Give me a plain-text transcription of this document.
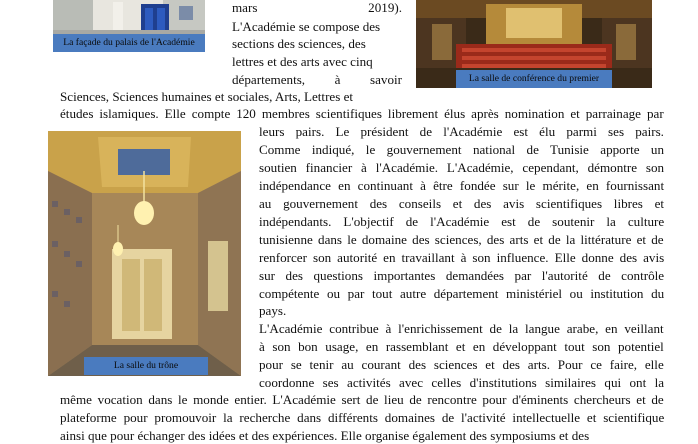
La façade du palais de l'Académie
La salle de conférence du premier
La salle du trône
mars	2019).
L'Académie se compose des
sections des sciences, des
lettres et des arts avec cinq
départements, à savoir
Sciences, Sciences humaines et sociales, Arts, Lettres et
études islamiques. Elle compte 120 membres scientifiques librement élus après nomination et parrainage par
leurs pairs. Le président de l'Académie est élu parmi ses pairs.
Comme indiqué, le gouvernement national de Tunisie apporte un
soutien financier à l'Académie. L'Académie, cependant, démontre son
indépendance en continuant à être fondée sur le mérite, en fournissant
au gouvernement des conseils et des avis scientifiques libres et
indépendants. L'objectif de l'Académie est de soutenir la culture
tunisienne dans le domaine des sciences, des arts et de la littérature et de
renforcer son autorité en travaillant à son influence. Elle donne des avis
sur des questions importantes demandées par l'autorité de contrôle
compétente ou par tout autre département ministériel ou institution du
pays.
L'Académie contribue à l'enrichissement de la langue arabe, en veillant
à son bon usage, en rassemblant et en développant tout son potentiel
pour se tenir au courant des sciences et des arts. Pour ce faire, elle
coordonne ses activités avec celles d'institutions similaires qui ont la
même vocation dans le monde entier. L'Académie sert de lieu de rencontre pour d'éminents chercheurs et de
plateforme pour promouvoir la recherche dans différents domaines de l'activité intellectuelle et scientifique
ainsi que pour échanger des idées et des expériences. Elle organise également des symposiums et des
